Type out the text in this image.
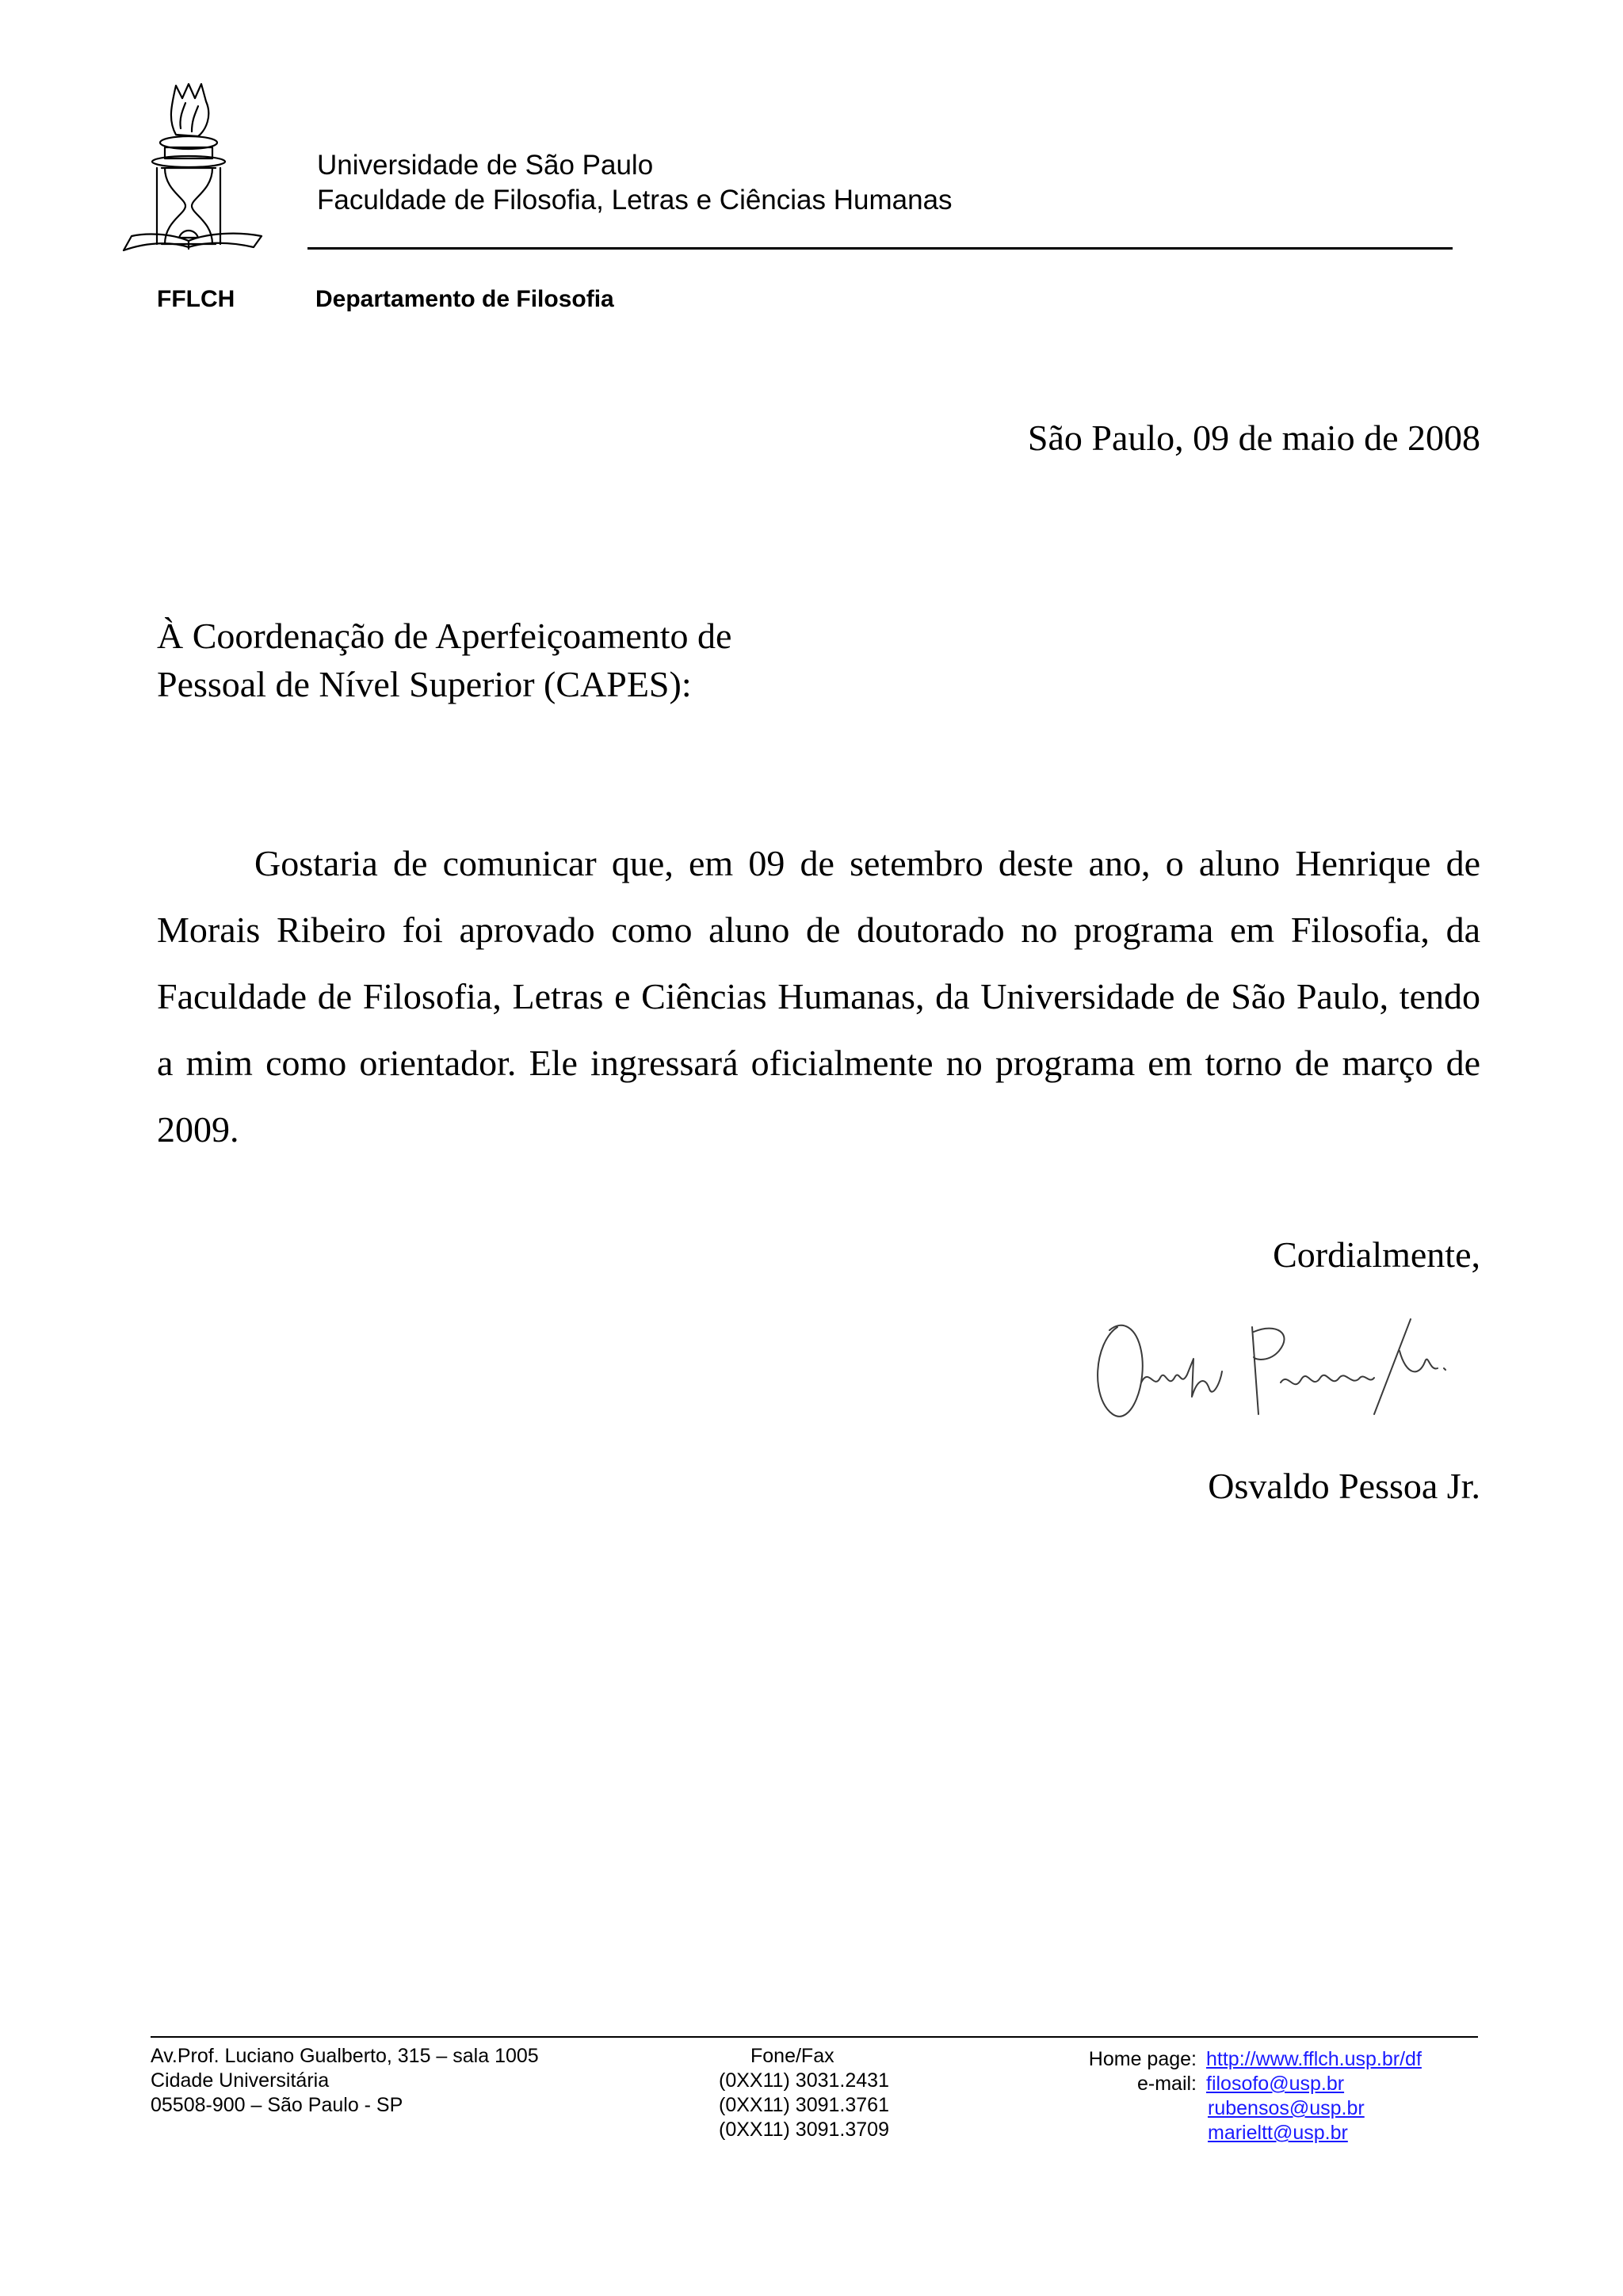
Universidade de São Paulo
Faculdade de Filosofia, Letras e Ciências Humanas
FFLCH	Departamento de Filosofia
São Paulo, 09 de maio de 2008
À Coordenação de Aperfeiçoamento de
Pessoal de Nível Superior (CAPES):
Gostaria de comunicar que, em 09 de setembro deste ano, o aluno Henrique de Morais Ribeiro foi aprovado como aluno de doutorado no programa em Filosofia, da Faculdade de Filosofia, Letras e Ciências Humanas, da Universidade de São Paulo, tendo a mim como orientador. Ele ingressará oficialmente no programa em torno de março de 2009.
Cordialmente,
Osvaldo Pessoa Jr.
Av.Prof. Luciano Gualberto, 315 – sala 1005
Cidade Universitária
05508-900 – São Paulo - SP
Fone/Fax
(0XX11) 3031.2431
(0XX11) 3091.3761
(0XX11) 3091.3709
Home page:
e-mail:
http://www.fflch.usp.br/df
filosofo@usp.br
rubensos@usp.br
marieltt@usp.br
